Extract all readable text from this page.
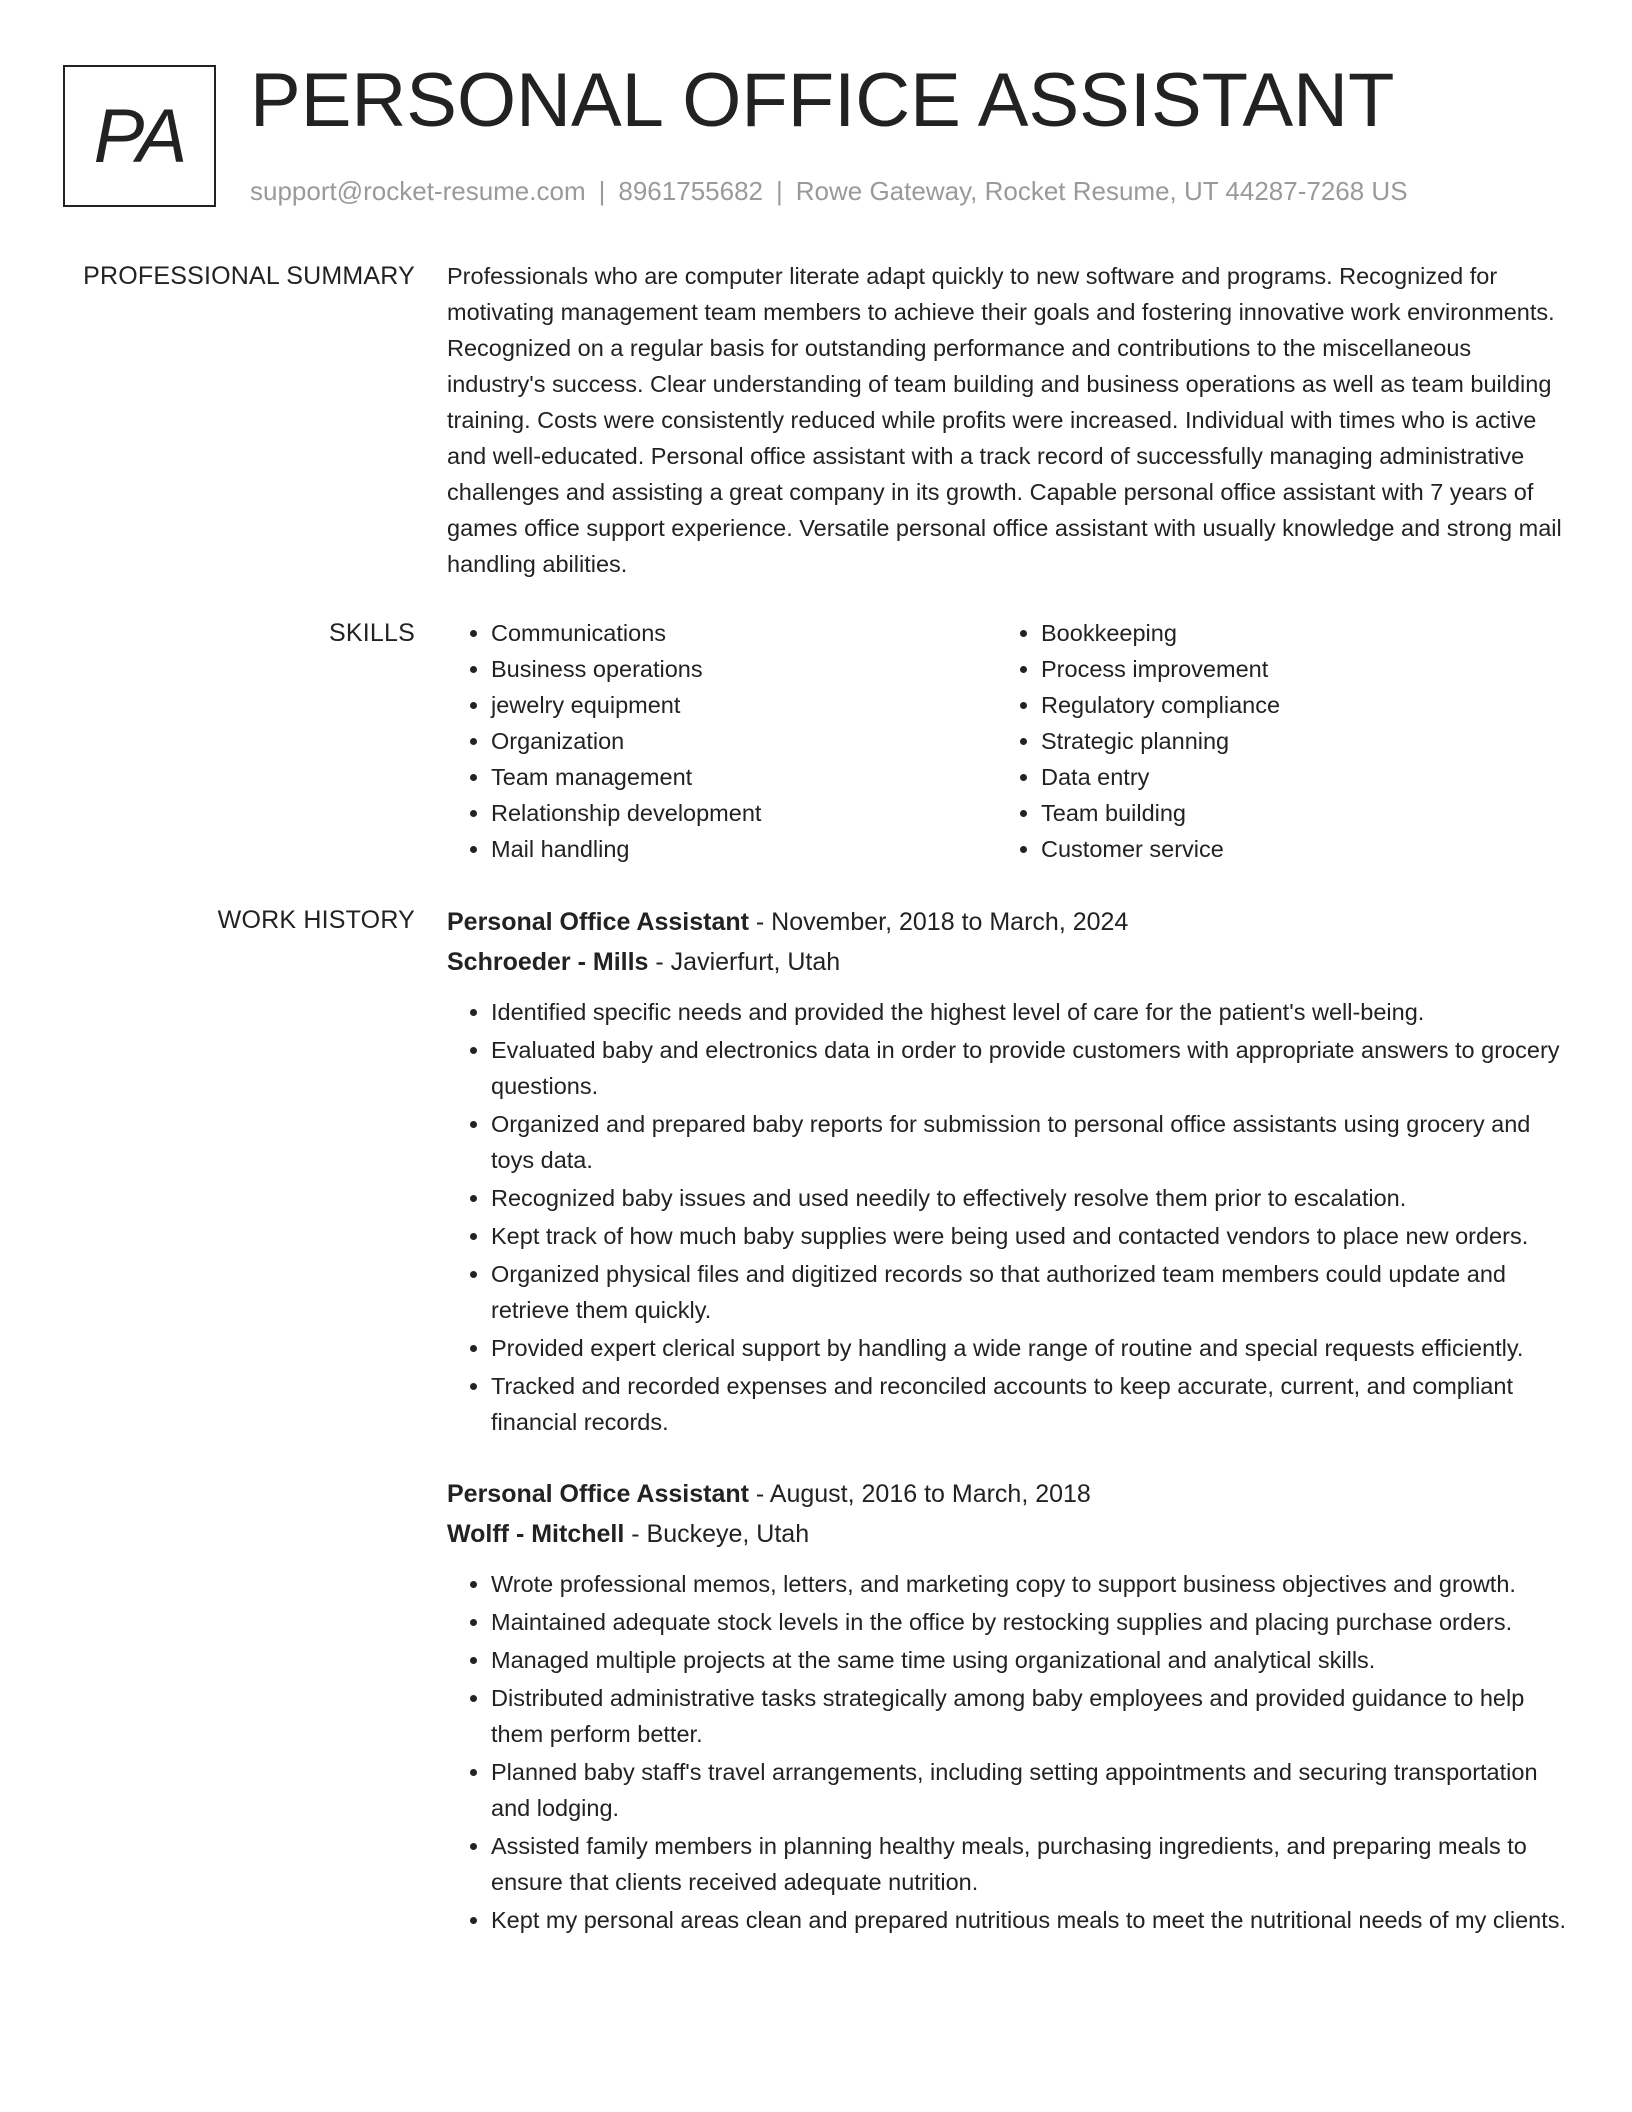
PA PERSONAL OFFICE ASSISTANT
support@rocket-resume.com | 8961755682 | Rowe Gateway, Rocket Resume, UT 44287-7268 US
PROFESSIONAL SUMMARY Professionals who are computer literate adapt quickly to new software and programs. Recognized for motivating management team members to achieve their goals and fostering innovative work environments. Recognized on a regular basis for outstanding performance and contributions to the miscellaneous industry's success. Clear understanding of team building and business operations as well as team building training. Costs were consistently reduced while profits were increased. Individual with times who is active and well-educated. Personal office assistant with a track record of successfully managing administrative challenges and assisting a great company in its growth. Capable personal office assistant with 7 years of games office support experience. Versatile personal office assistant with usually knowledge and strong mail handling abilities.

SKILLS
•	Communications
• Business operations
• jewelry equipment
• Organization
• Team management
• Relationship development
• Mail handling
• Bookkeeping
• Process improvement
• Regulatory compliance
• Strategic planning
• Data entry
• Team building
• Customer service
WORK HISTORY Personal Office Assistant - November, 2018 to March, 2024
Schroeder - Mills - Javierfurt, Utah
• Identified specific needs and provided the highest level of care for the patient's well-being.
• Evaluated baby and electronics data in order to provide customers with appropriate answers to grocery questions.
• Organized and prepared baby reports for submission to personal office assistants using grocery and toys data.
• Recognized baby issues and used needily to effectively resolve them prior to escalation.
• Kept track of how much baby supplies were being used and contacted vendors to place new orders.
• Organized physical files and digitized records so that authorized team members could update and retrieve them quickly.
• Provided expert clerical support by handling a wide range of routine and special requests efficiently.
• Tracked and recorded expenses and reconciled accounts to keep accurate, current, and compliant financial records.
Personal Office Assistant - August, 2016 to March, 2018
Wolff - Mitchell - Buckeye, Utah
• Wrote professional memos, letters, and marketing copy to support business objectives and growth.
• Maintained adequate stock levels in the office by restocking supplies and placing purchase orders.
• Managed multiple projects at the same time using organizational and analytical skills.
• Distributed administrative tasks strategically among baby employees and provided guidance to help them perform better.
• Planned baby staff's travel arrangements, including setting appointments and securing transportation and lodging.
• Assisted family members in planning healthy meals, purchasing ingredients, and preparing meals to ensure that clients received adequate nutrition.
• Kept my personal areas clean and prepared nutritious meals to meet the nutritional needs of my clients.
